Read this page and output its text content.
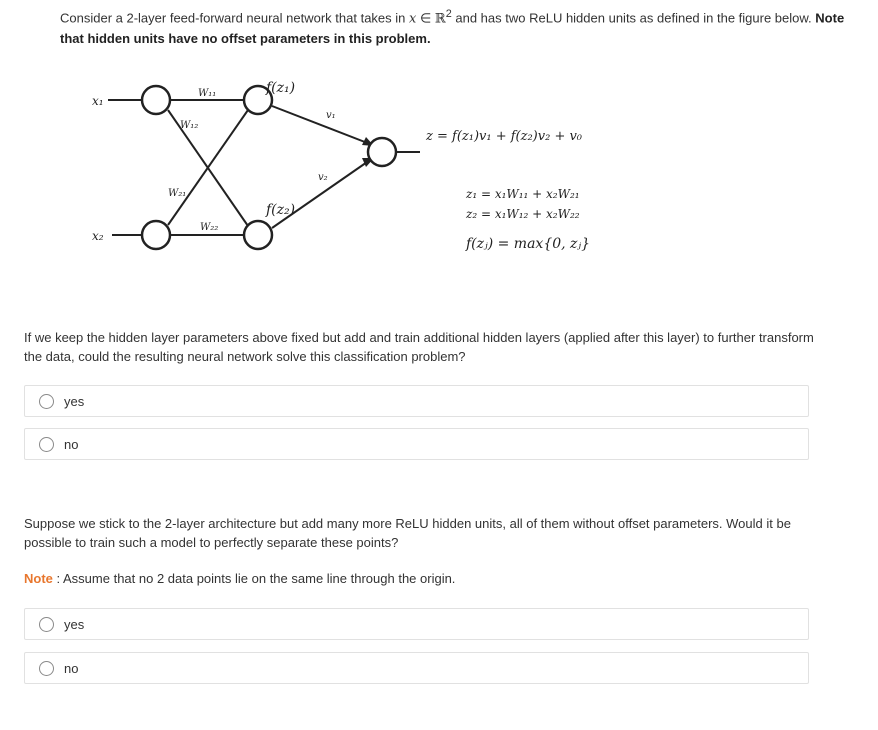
Consider a 2-layer feed-forward neural network that takes in x ∈ ℝ$^2$ and has two ReLU hidden units as defined in the figure below. Note that hidden units have no offset parameters in this problem.
x₁
x₂
W₁₁
W₁₂
W₂₁
W₂₂
f(z₁)
f(z₂)
v₁
v₂
z = f(z₁)v₁ + f(z₂)v₂ + v₀
z₁ = x₁W₁₁ + x₂W₂₁
z₂ = x₁W₁₂ + x₂W₂₂
f(zⱼ) = max{0, zⱼ}
If we keep the hidden layer parameters above fixed but add and train additional hidden layers (applied after this layer) to further transform the data, could the resulting neural network solve this classification problem?
yes
no
Suppose we stick to the 2-layer architecture but add many more ReLU hidden units, all of them without offset parameters. Would it be possible to train such a model to perfectly separate these points?
Note : Assume that no 2 data points lie on the same line through the origin.
yes
no
